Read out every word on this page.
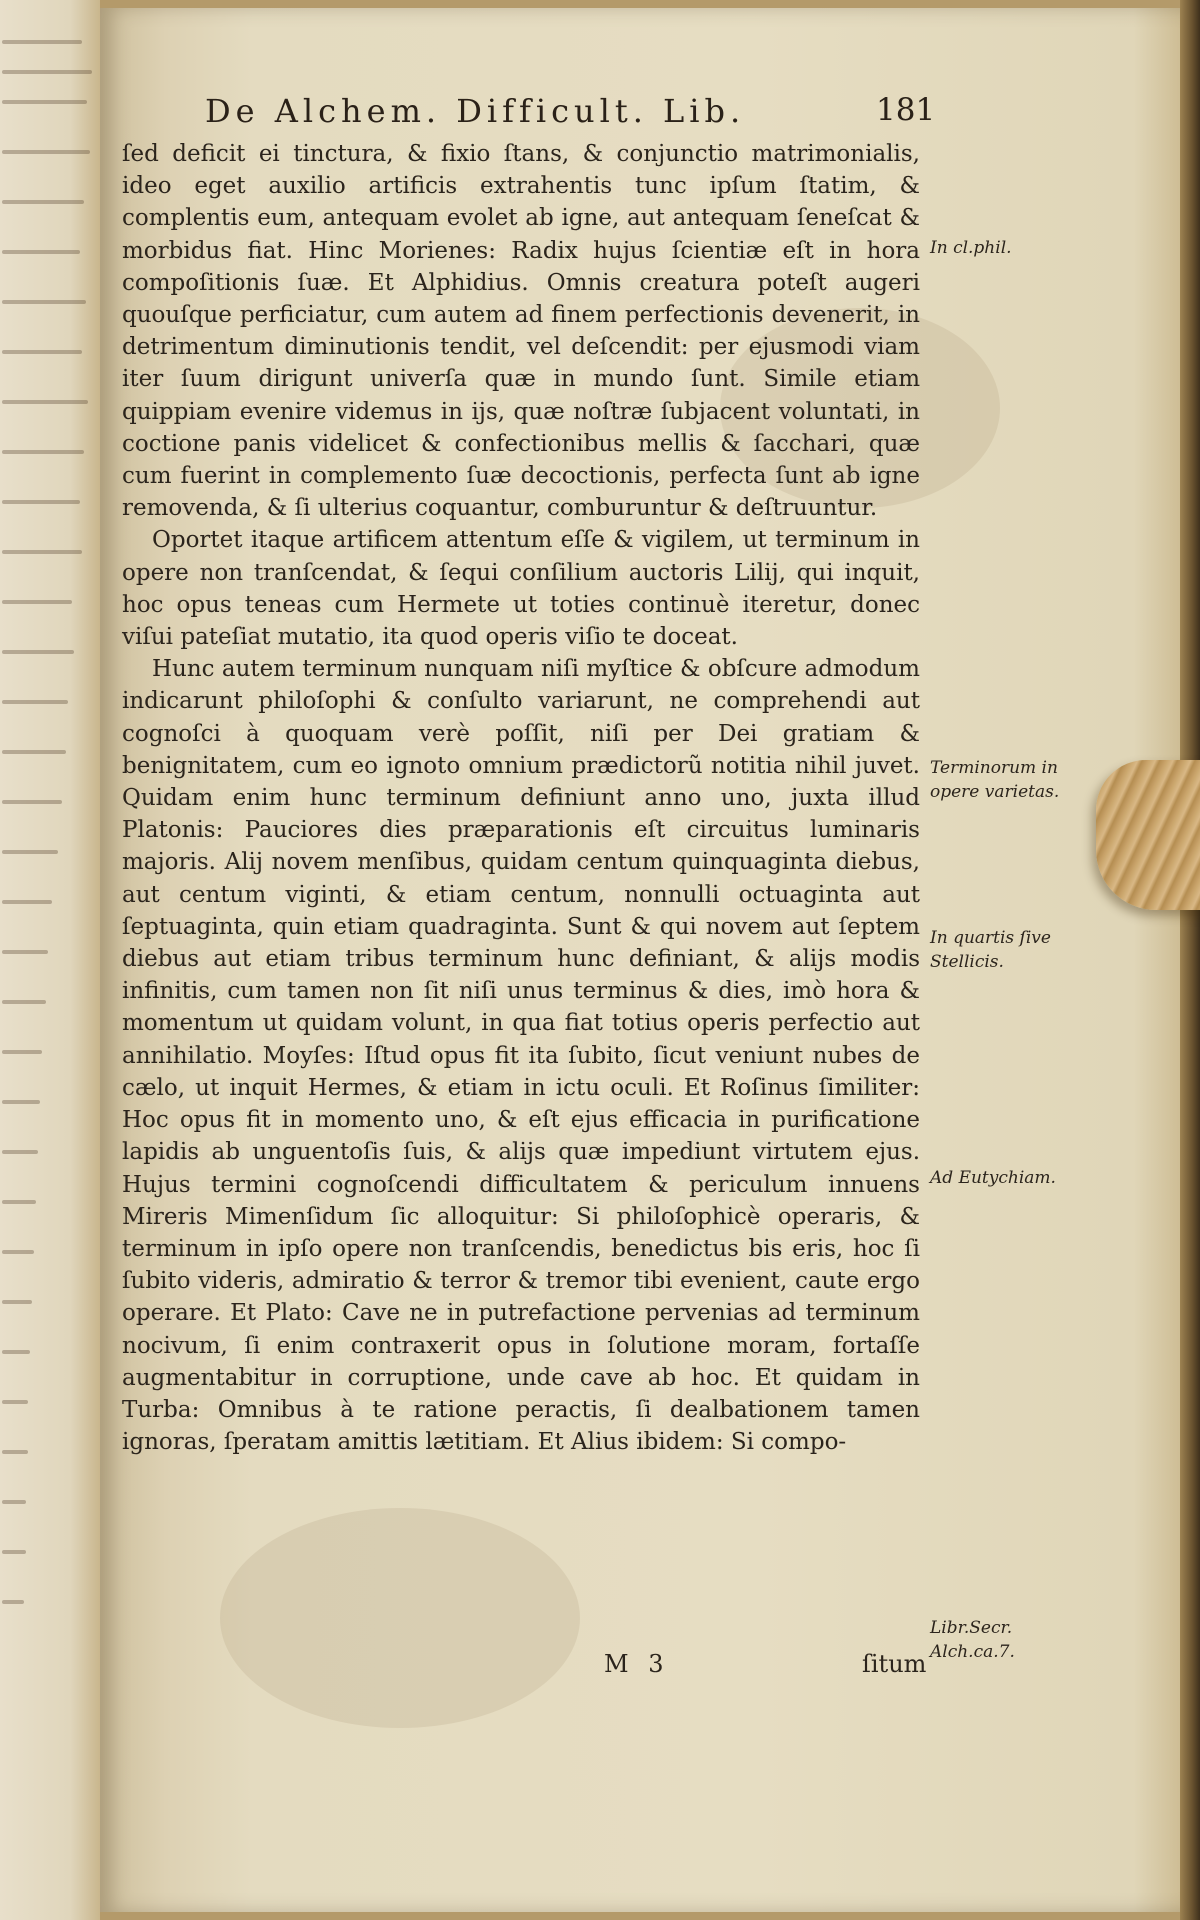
De Alchem. Difficult. Lib.	181

ſed deficit ei tinctura, & fixio ſtans, & conjunctio matrimonialis, ideo eget auxilio artificis extrahentis tunc ipſum ſtatim, & complentis eum, antequam evolet ab igne, aut antequam ſeneſcat & morbidus fiat. Hinc Morienes: Radix hujus ſcientiæ eſt in hora compoſitionis ſuæ. Et Alphidius. Omnis creatura poteſt augeri quouſque perficiatur, cum autem ad finem perfectionis devenerit, in detrimentum diminutionis tendit, vel deſcendit: per ejusmodi viam iter ſuum dirigunt univerſa quæ in mundo ſunt. Simile etiam quippiam evenire videmus in ijs, quæ noſtræ ſubjacent voluntati, in coctione panis videlicet & confectionibus mellis & ſacchari, quæ cum fuerint in complemento ſuæ decoctionis, perfecta ſunt ab igne removenda, & ſi ulterius coquantur, comburuntur & deſtruuntur.

Oportet itaque artificem attentum eſſe & vigilem, ut terminum in opere non tranſcendat, & ſequi conſilium auctoris Lilij, qui inquit, hoc opus teneas cum Hermete ut toties continuè iteretur, donec viſui pateſiat mutatio, ita quod operis viſio te doceat.

Hunc autem terminum nunquam niſi myſtice & obſcure admodum indicarunt philoſophi & conſulto variarunt, ne comprehendi aut cognoſci à quoquam verè poſſit, niſi per Dei gratiam & benignitatem, cum eo ignoto omnium prædictorũ notitia nihil juvet. Quidam enim hunc terminum definiunt anno uno, juxta illud Platonis: Pauciores dies præparationis eſt circuitus luminaris majoris. Alij novem menſibus, quidam centum quinquaginta diebus, aut centum viginti, & etiam centum, nonnulli octuaginta aut ſeptuaginta, quin etiam quadraginta. Sunt & qui novem aut ſeptem diebus aut etiam tribus terminum hunc definiant, & alijs modis infinitis, cum tamen non ſit niſi unus terminus & dies, imò hora & momentum ut quidam volunt, in qua fiat totius operis perfectio aut annihilatio. Moyſes: Iſtud opus fit ita ſubito, ſicut veniunt nubes de cælo, ut inquit Hermes, & etiam in ictu oculi. Et Roſinus ſimiliter: Hoc opus fit in momento uno, & eſt ejus efficacia in purificatione lapidis ab unguentoſis ſuis, & alijs quæ impediunt virtutem ejus. Hujus termini cognoſcendi difficultatem & periculum innuens Mireris Mimenſidum ſic alloquitur: Si philoſophicè operaris, & terminum in ipſo opere non tranſcendis, benedictus bis eris, hoc ſi ſubito videris, admiratio & terror & tremor tibi evenient, caute ergo operare. Et Plato: Cave ne in putrefactione pervenias ad terminum nocivum, ſi enim contraxerit opus in ſolutione moram, fortaſſe augmentabitur in corruptione, unde cave ab hoc. Et quidam in Turba: Omnibus à te ratione peractis, ſi dealbationem tamen ignoras, ſperatam amittis lætitiam. Et Alius ibidem: Si compo-

In cl.phil.
Terminorum in opere varietas.
In quartis ſive Stellicis.
Ad Eutychiam.
Libr.Secr. Alch.ca.7.
M 3	ſitum
